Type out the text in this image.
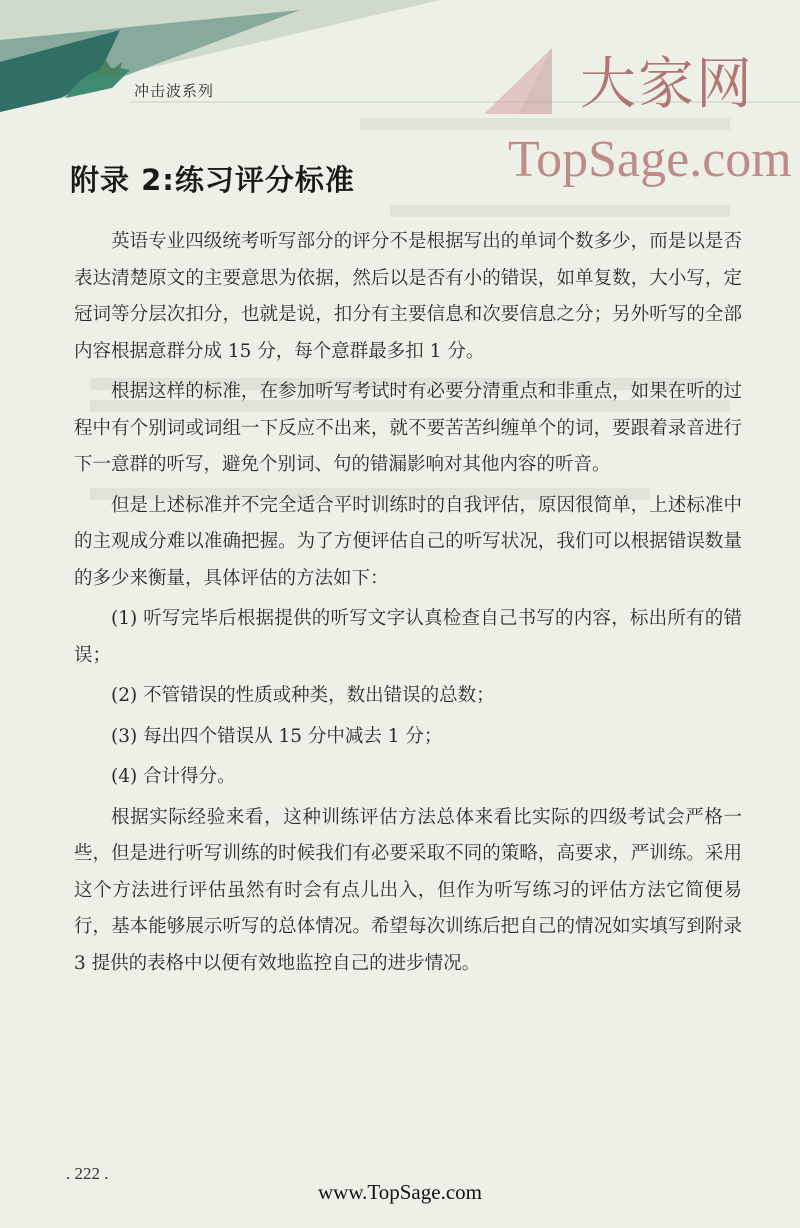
冲击波系列	大家网
TopSage.com
附录 2:练习评分标准

英语专业四级统考听写部分的评分不是根据写出的单词个数多少，而是以是否表达清楚原文的主要意思为依据，然后以是否有小的错误，如单复数，大小写，定冠词等分层次扣分，也就是说，扣分有主要信息和次要信息之分；另外听写的全部内容根据意群分成 15 分，每个意群最多扣 1 分。

根据这样的标准，在参加听写考试时有必要分清重点和非重点，如果在听的过程中有个别词或词组一下反应不出来，就不要苦苦纠缠单个的词，要跟着录音进行下一意群的听写，避免个别词、句的错漏影响对其他内容的听音。

但是上述标准并不完全适合平时训练时的自我评估，原因很简单，上述标准中的主观成分难以准确把握。为了方便评估自己的听写状况，我们可以根据错误数量的多少来衡量，具体评估的方法如下：

(1) 听写完毕后根据提供的听写文字认真检查自己书写的内容，标出所有的错误；

(2) 不管错误的性质或种类，数出错误的总数；

(3) 每出四个错误从 15 分中减去 1 分；

(4) 合计得分。

根据实际经验来看，这种训练评估方法总体来看比实际的四级考试会严格一些，但是进行听写训练的时候我们有必要采取不同的策略，高要求，严训练。采用这个方法进行评估虽然有时会有点儿出入，但作为听写练习的评估方法它简便易行，基本能够展示听写的总体情况。希望每次训练后把自己的情况如实填写到附录 3 提供的表格中以便有效地监控自己的进步情况。

. 222 .
www.TopSage.com
